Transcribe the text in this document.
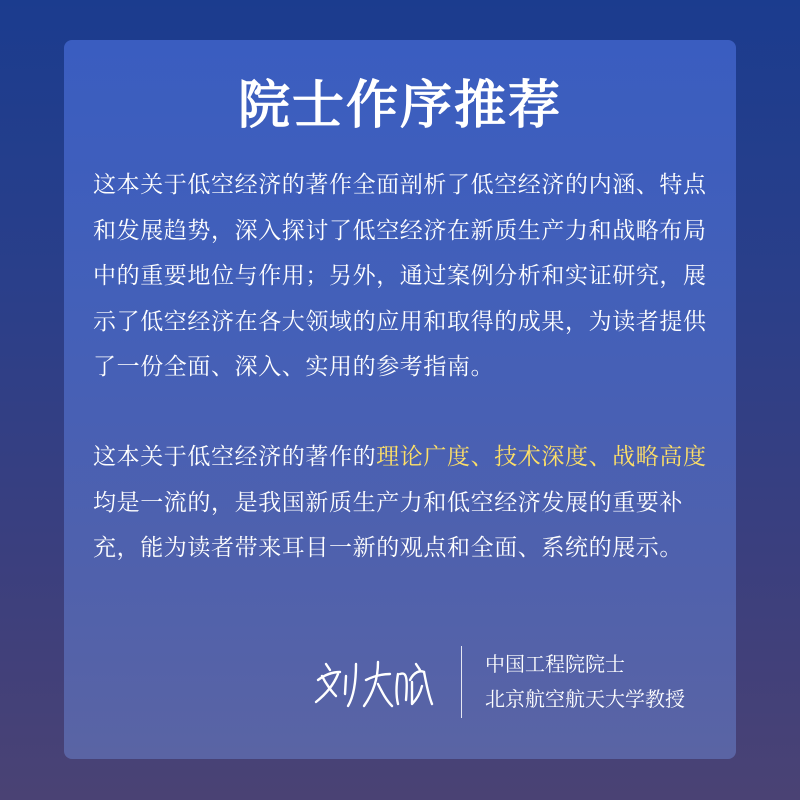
院士作序推荐

这本关于低空经济的著作全面剖析了低空经济的内涵、特点和发展趋势，深入探讨了低空经济在新质生产力和战略布局中的重要地位与作用；另外，通过案例分析和实证研究，展示了低空经济在各大领域的应用和取得的成果，为读者提供了一份全面、深入、实用的参考指南。

这本关于低空经济的著作的理论广度、技术深度、战略高度均是一流的，是我国新质生产力和低空经济发展的重要补充，能为读者带来耳目一新的观点和全面、系统的展示。

中国工程院院士
北京航空航天大学教授
